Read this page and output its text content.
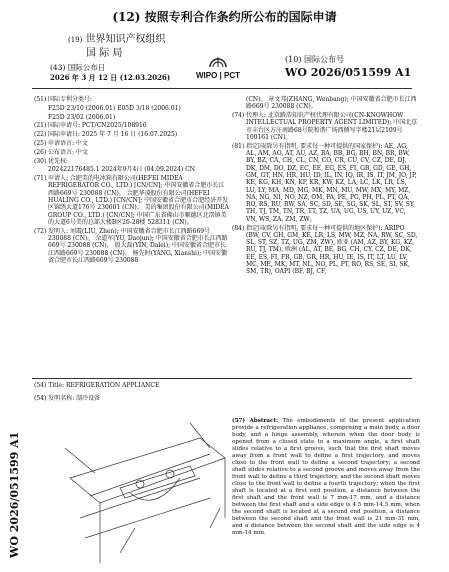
(12) 按照专利合作条约所公布的国际申请
(19) 世界知识产权组织
国 际 局
(43) 国际公布日
2026 年 3 月 12 日 (12.03.2026)	WIPO | PCT
(10) 国际公布号
WO 2026/051599 A1
(51) 国际专利分类号:
F25D 23/10 (2006.01) E05D 3/18 (2006.01)
F25D 23/02 (2006.01)
(21) 国际申请号: PCT/CN2025/108916
(22) 国际申请日: 2025 年 7 月 16 日 (16.07.2025)
(25) 申请语言: 中文
(26) 公布语言: 中文
(30) 优先权:
202422176485.1 2024年9月4日 (04.09.2024) CN
(71) 申请人: 合肥美的电冰箱有限公司(HEFEI MIDEA REFRIGERATOR CO., LTD.) [CN/CN]; 中国安徽省合肥市长江西路669号 230088 (CN)。 合肥华凌股份有限公司(HEFEI HUALING CO., LTD.) [CN/CN]; 中国安徽省合肥市合肥经济开发区锦绣大道176号 230601 (CN)。 美的集团股份有限公司(MIDEA GROUP CO., LTD.) [CN/CN]; 中国广东省佛山市顺德区北滘镇美的大道6号美的总部大楼B区26-28楼 528311 (CN)。
(72) 发明人: 刘震(LIU, Zhen); 中国安徽省合肥市长江西路669号 230088 (CN)。 余道军(YU, Daojun); 中国安徽省合肥市长江西路669号 230088 (CN)。 殷大磊(YIN, Dalei); 中国安徽省合肥市长江西路669号 230088 (CN)。 杨先时(YANG, Xianshi); 中国安徽省合肥市长江西路669号 230088
(CN)。 章文邦(ZHANG, Wenbang); 中国安徽省合肥市长江西路669号 230088 (CN)。
(74) 代理人: 北京路浩知识产权代理有限公司(CN-KNOWHOW INTELLECTUAL PROPERTY AGENT LIMITED); 中国北京市丰台区方庄南路68号院和谐广场西侧写字楼21层2109号 100161 (CN)。
(81) 指定国(除另有指明, 要求每一种可提供的国家保护): AE, AG, AL, AM, AO, AT, AU, AZ, BA, BB, BG, BH, BN, BR, BW, BY, BZ, CA, CH, CL, CN, CO, CR, CU, CV, CZ, DE, DJ, DK, DM, DO, DZ, EC, EE, EG, ES, FI, GB, GD, GE, GH, GM, GT, HN, HR, HU, ID, IL, IN, IQ, IR, IS, IT, JM, JO, JP, KE, KG, KH, KN, KP, KR, KW, KZ, LA, LC, LK, LR, LS, LU, LY, MA, MD, MG, MK, MN, MU, MW, MX, MY, MZ, NA, NG, NI, NO, NZ, OM, PA, PE, PG, PH, PL, PT, QA, RO, RS, RU, RW, SA, SC, SD, SE, SG, SK, SL, ST, SV, SY, TH, TJ, TM, TN, TR, TT, TZ, UA, UG, US, UY, UZ, VC, VN, WS, ZA, ZM, ZW。
(84) 指定国(除另有指明, 要求每一种可提供的地区保护): ARIPO (BW, CV, GH, GM, KE, LR, LS, MW, MZ, NA, RW, SC, SD, SL, ST, SZ, TZ, UG, ZM, ZW), 欧亚 (AM, AZ, BY, KG, KZ, RU, TJ, TM), 欧洲 (AL, AT, BE, BG, CH, CY, CZ, DE, DK, EE, ES, FI, FR, GB, GR, HR, HU, IE, IS, IT, LT, LU, LV, MC, ME, MK, MT, NL, NO, PL, PT, RO, RS, SE, SI, SK, SM, TR), OAPI (BF, BJ, CF,
(54) Title: REFRIGERATION APPLIANCE
(54) 发明名称: 制冷设备
WO 2026/051599 A1
(57) Abstract: The embodiments of the present application provide a refrigeration appliance, comprising a main body, a door body, and a hinge assembly, wherein when the door body is opened from a closed state to a maximum angle, a first shaft slides relative to a first groove, such that the first shaft moves away from a front wall to define a first trajectory, and moves close to the front wall to define a second trajectory; a second shaft slides relative to a second groove and moves away from the front wall to define a third trajectory, and the second shaft moves close to the front wall to define a fourth trajectory; when the first shaft is located at a first end position, a distance between the first shaft and the front wall is 7 mm-17 mm, and a distance between the first shaft and a side edge is 4.5 mm-14.5 mm; when the second shaft is located at a second end position, a distance between the second shaft and the front wall is 21 mm-31 mm, and a distance between the second shaft and the side edge is 4 mm-14 mm.
